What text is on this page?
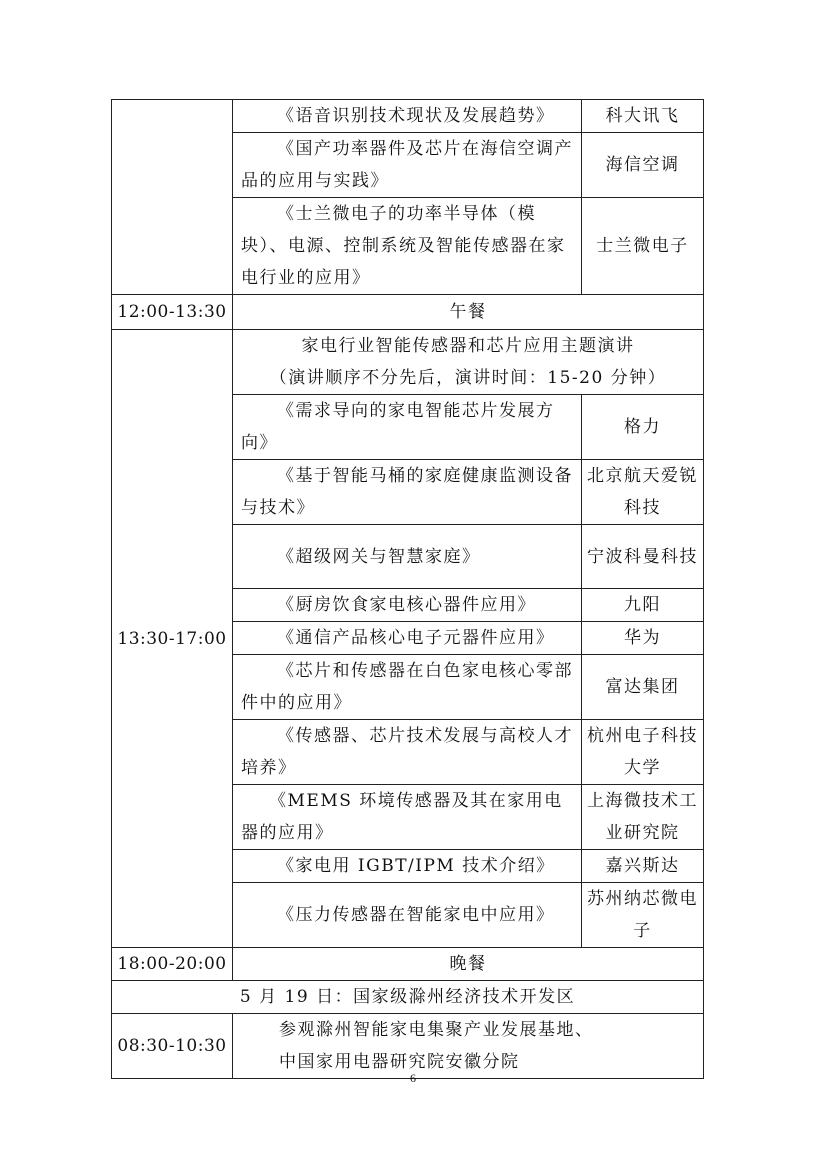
	《语音识别技术现状及发展趋势》	科大讯飞

	《国产功率器件及芯片在海信空调产品的应用与实践》	海信空调

	《士兰微电子的功率半导体（模块）、电源、控制系统及智能传感器在家电行业的应用》	士兰微电子
12:00-13:30	午餐	
13:30-17:00	家电行业智能传感器和芯片应用主题演讲
（演讲顺序不分先后，演讲时间：15-20 分钟）	

	《需求导向的家电智能芯片发展方向》	格力

	《基于智能马桶的家庭健康监测设备与技术》	北京航天爱锐科技
	《超级网关与智慧家庭》	宁波科曼科技
	《厨房饮食家电核心器件应用》	九阳
	《通信产品核心电子元器件应用》	华为

	《芯片和传感器在白色家电核心零部件中的应用》	富达集团

	《传感器、芯片技术发展与高校人才培养》	杭州电子科技大学

	《MEMS 环境传感器及其在家用电器的应用》	上海微技术工业研究院
	《家电用 IGBT/IPM 技术介绍》	嘉兴斯达
	《压力传感器在智能家电中应用》	苏州纳芯微电子
18:00-20:00	晚餐	
5 月 19 日：国家级滁州经济技术开发区		
08:30-10:30	参观滁州智能家电集聚产业发展基地、
中国家用电器研究院安徽分院	
6
